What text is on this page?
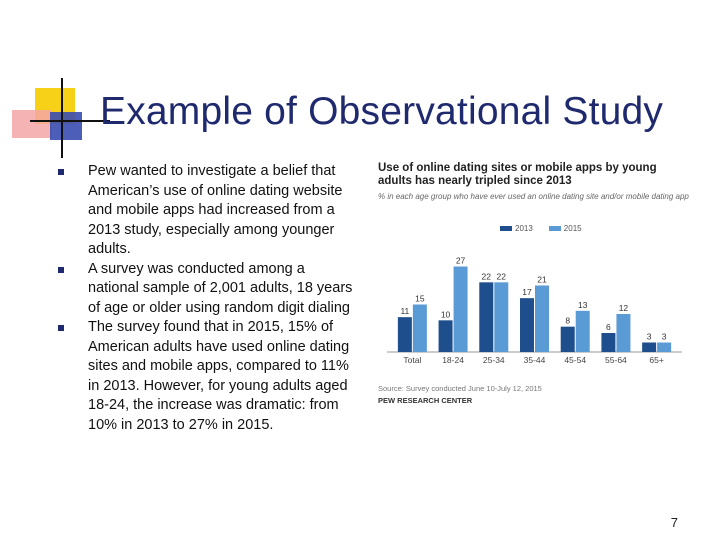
Example of Observational Study
Pew wanted to investigate a belief that American’s use of online dating website and mobile apps had increased from a 2013 study, especially among younger adults.
A survey was conducted among a national sample of 2,001 adults, 18 years of age or older using random digit dialing
The survey found that in 2015, 15% of American adults have used online dating sites and mobile apps, compared to 11% in 2013. However, for young adults aged 18-24, the increase was dramatic: from 10% in 2013 to 27% in 2015.
Use of online dating sites or mobile apps by young adults has nearly tripled since 2013
% in each age group who have ever used an online dating site and/or mobile dating app
2013	2015
11
15
Total
10
27
18-24
22 22
25-34
17
21
35-44
8
13
45-54
6
12
55-64
3 3
65+
Source: Survey conducted June 10-July 12, 2015
PEW RESEARCH CENTER
7
